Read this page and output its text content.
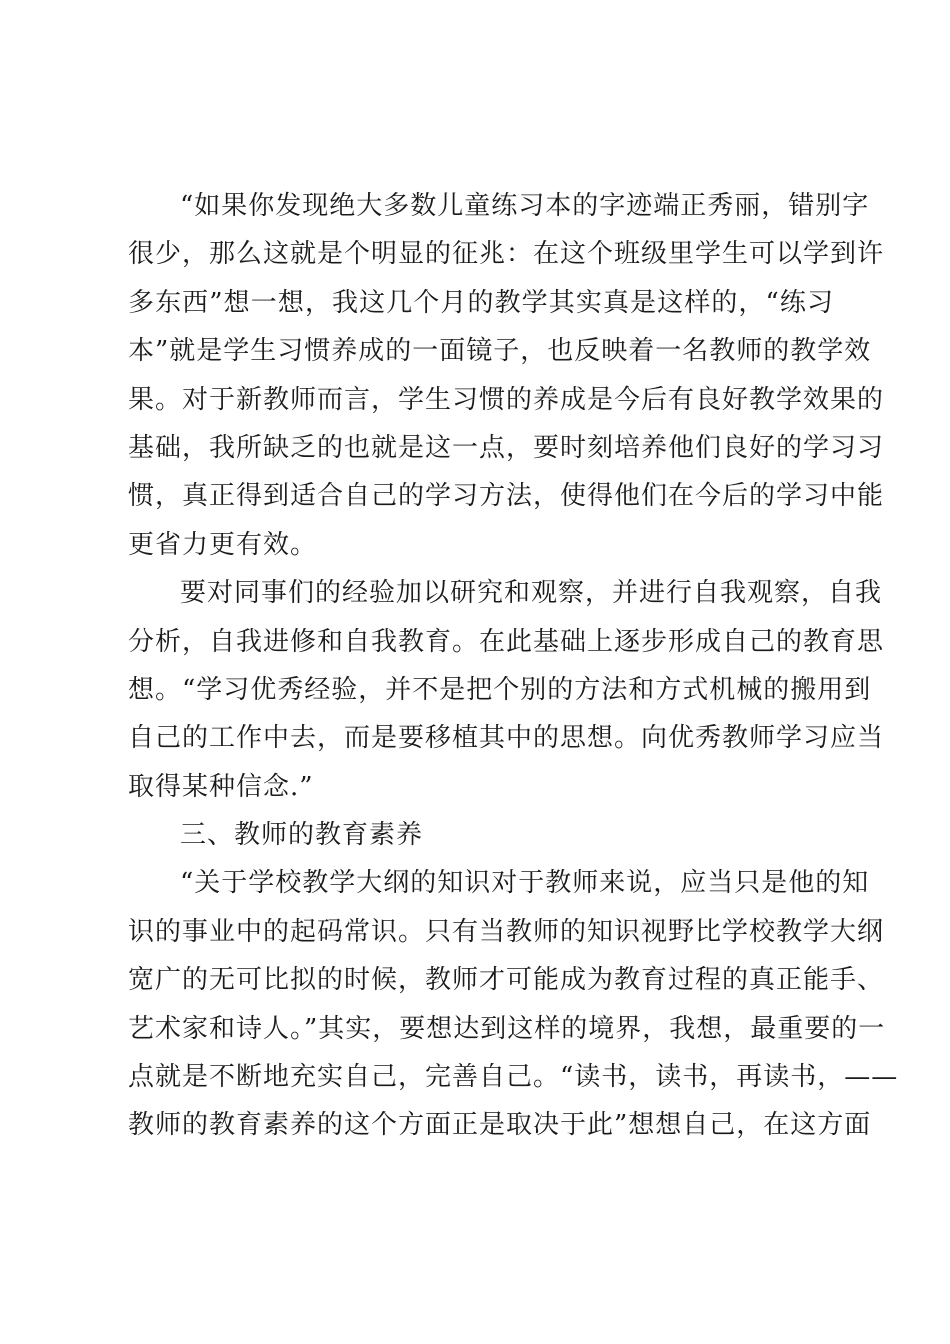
“如果你发现绝大多数儿童练习本的字迹端正秀丽，错别字
很少，那么这就是个明显的征兆：在这个班级里学生可以学到许
多东西”想一想，我这几个月的教学其实真是这样的，“练习
本”就是学生习惯养成的一面镜子，也反映着一名教师的教学效
果。对于新教师而言，学生习惯的养成是今后有良好教学效果的
基础，我所缺乏的也就是这一点，要时刻培养他们良好的学习习
惯，真正得到适合自己的学习方法，使得他们在今后的学习中能
更省力更有效。
要对同事们的经验加以研究和观察，并进行自我观察，自我
分析，自我进修和自我教育。在此基础上逐步形成自己的教育思
想。“学习优秀经验，并不是把个别的方法和方式机械的搬用到
自己的工作中去，而是要移植其中的思想。向优秀教师学习应当
取得某种信念.”
三、教师的教育素养
“关于学校教学大纲的知识对于教师来说，应当只是他的知
识的事业中的起码常识。只有当教师的知识视野比学校教学大纲
宽广的无可比拟的时候，教师才可能成为教育过程的真正能手、
艺术家和诗人。”其实，要想达到这样的境界，我想，最重要的一
点就是不断地充实自己，完善自己。“读书，读书，再读书，——
教师的教育素养的这个方面正是取决于此”想想自己，在这方面
